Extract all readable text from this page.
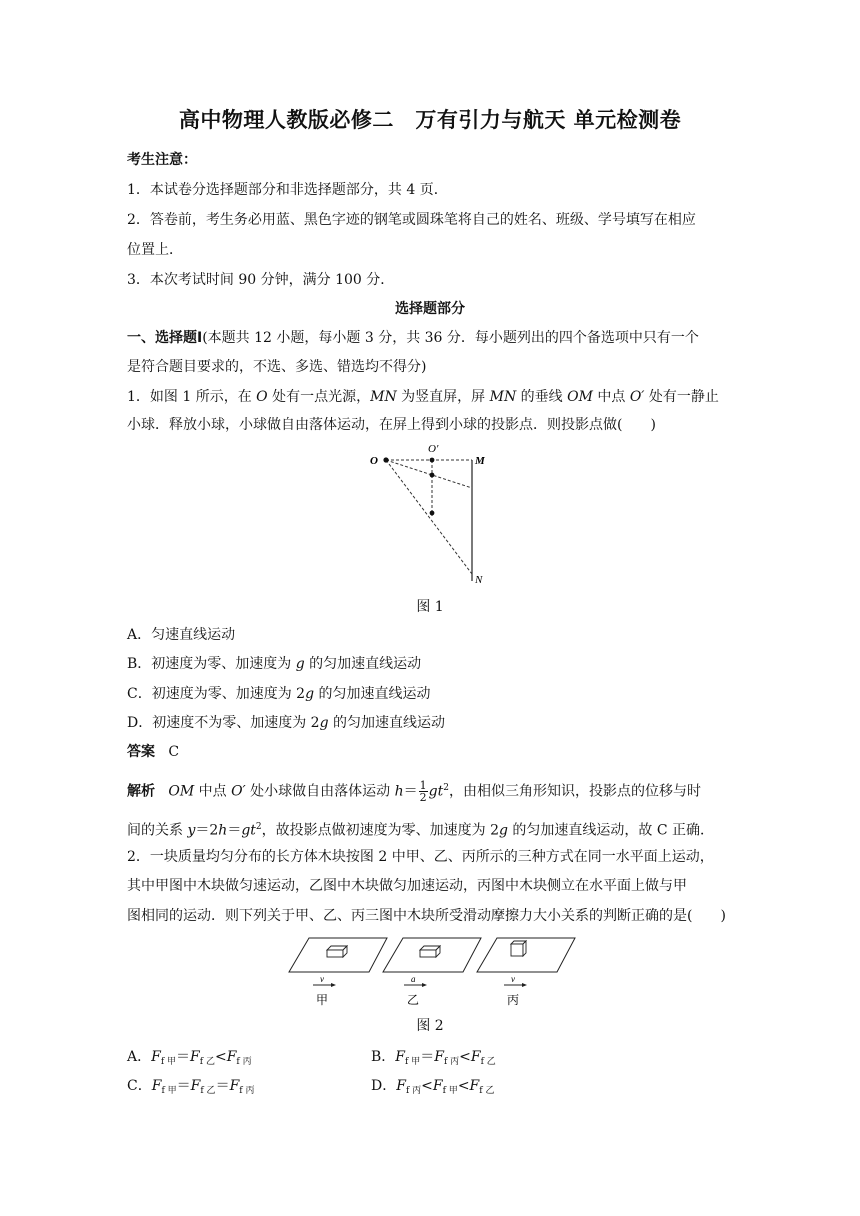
高中物理人教版必修二　万有引力与航天 单元检测卷
考生注意：
1．本试卷分选择题部分和非选择题部分，共 4 页．
2．答卷前，考生务必用蓝、黑色字迹的钢笔或圆珠笔将自己的姓名、班级、学号填写在相应
位置上．
3．本次考试时间 90 分钟，满分 100 分．
选择题部分
一、选择题Ⅰ(本题共 12 小题，每小题 3 分，共 36 分．每小题列出的四个备选项中只有一个
是符合题目要求的，不选、多选、错选均不得分)
1．如图 1 所示，在 O 处有一点光源，MN 为竖直屏，屏 MN 的垂线 OM 中点 O′ 处有一静止
小球．释放小球，小球做自由落体运动，在屏上得到小球的投影点．则投影点做(　　)
O
O′
M
N
图 1
A．匀速直线运动
B．初速度为零、加速度为 g 的匀加速直线运动
C．初速度为零、加速度为 2g 的匀加速直线运动
D．初速度不为零、加速度为 2g 的匀加速直线运动
答案 C
解析 OM 中点 O′ 处小球做自由落体运动 $h= \frac{1}{2} gt^2$，由相似三角形知识，投影点的位移与时
间的关系 $y=2h=gt^2$，故投影点做初速度为零、加速度为 2g 的匀加速直线运动，故 C 正确．
2．一块质量均匀分布的长方体木块按图 2 中甲、乙、丙所示的三种方式在同一水平面上运动，
其中甲图中木块做匀速运动，乙图中木块做匀加速运动，丙图中木块侧立在水平面上做与甲
图相同的运动．则下列关于甲、乙、丙三图中木块所受滑动摩擦力大小关系的判断正确的是(　　)
v	a	v
甲	乙	丙
图 2
A．$F_{f 甲}=F_{f 乙}<F_{f 丙}$	B．$F_{f 甲}=F_{f 丙}<F_{f 乙}$
C．$F_{f 甲}=F_{f 乙}=F_{f 丙}$	D．$F_{f 丙}<F_{f 甲}<F_{f 乙}$
